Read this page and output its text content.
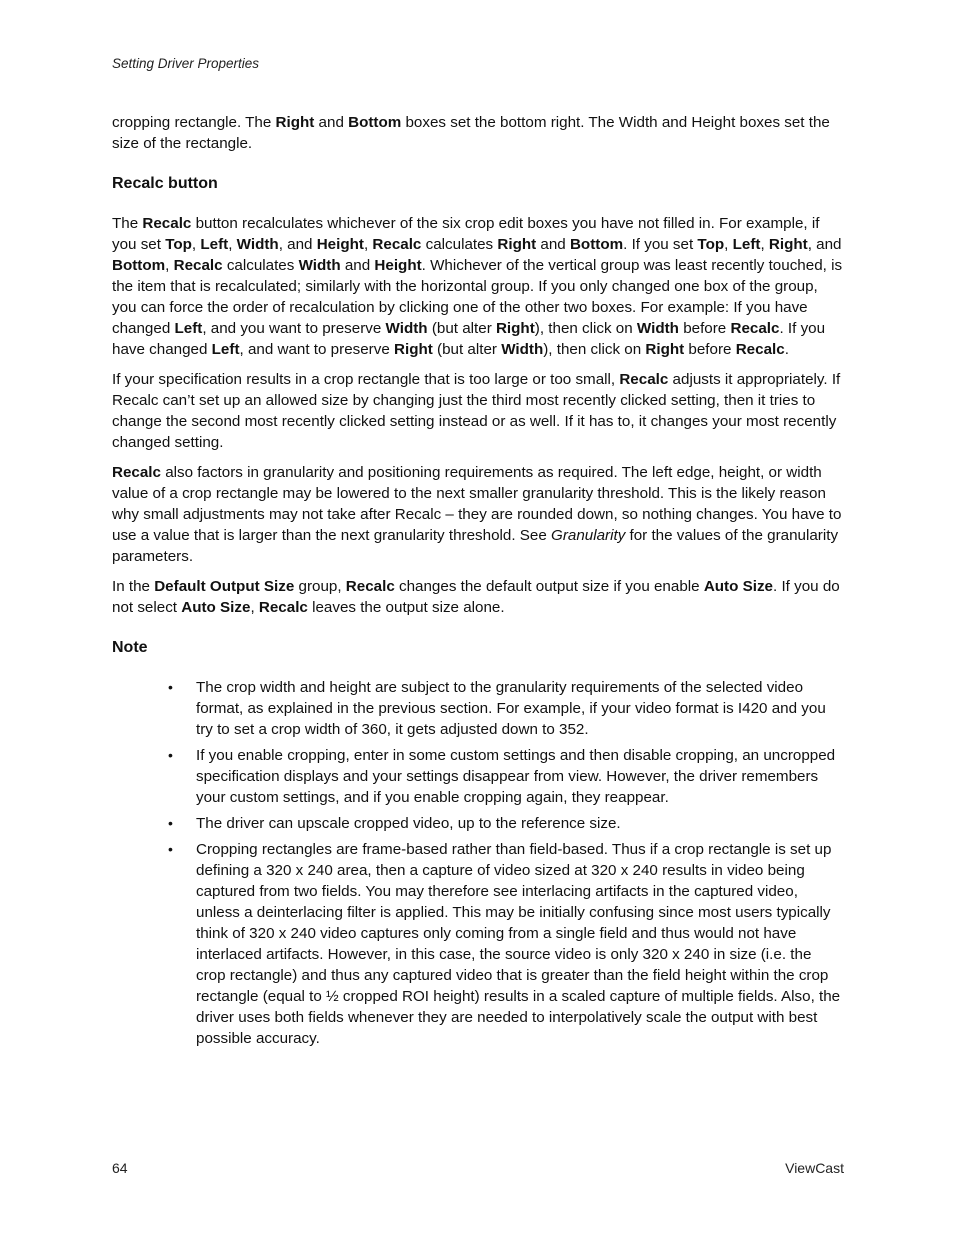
Setting Driver Properties

cropping rectangle. The Right and Bottom boxes set the bottom right. The Width and Height boxes set the size of the rectangle.

Recalc button

The Recalc button recalculates whichever of the six crop edit boxes you have not filled in. For example, if you set Top, Left, Width, and Height, Recalc calculates Right and Bottom. If you set Top, Left, Right, and Bottom, Recalc calculates Width and Height. Whichever of the vertical group was least recently touched, is the item that is recalculated; similarly with the horizontal group. If you only changed one box of the group, you can force the order of recalculation by clicking one of the other two boxes. For example: If you have changed Left, and you want to preserve Width (but alter Right), then click on Width before Recalc. If you have changed Left, and want to preserve Right (but alter Width), then click on Right before Recalc.

If your specification results in a crop rectangle that is too large or too small, Recalc adjusts it appropriately. If Recalc can’t set up an allowed size by changing just the third most recently clicked setting, then it tries to change the second most recently clicked setting instead or as well. If it has to, it changes your most recently changed setting.

Recalc also factors in granularity and positioning requirements as required. The left edge, height, or width value of a crop rectangle may be lowered to the next smaller granularity threshold. This is the likely reason why small adjustments may not take after Recalc – they are rounded down, so nothing changes. You have to use a value that is larger than the next granularity threshold. See Granularity for the values of the granularity parameters.

In the Default Output Size group, Recalc changes the default output size if you enable Auto Size. If you do not select Auto Size, Recalc leaves the output size alone.

Note
• The crop width and height are subject to the granularity requirements of the selected video format, as explained in the previous section. For example, if your video format is I420 and you try to set a crop width of 360, it gets adjusted down to 352.
• If you enable cropping, enter in some custom settings and then disable cropping, an uncropped specification displays and your settings disappear from view. However, the driver remembers your custom settings, and if you enable cropping again, they reappear.
• The driver can upscale cropped video, up to the reference size.
• Cropping rectangles are frame-based rather than field-based. Thus if a crop rectangle is set up defining a 320 x 240 area, then a capture of video sized at 320 x 240 results in video being captured from two fields. You may therefore see interlacing artifacts in the captured video, unless a deinterlacing filter is applied. This may be initially confusing since most users typically think of 320 x 240 video captures only coming from a single field and thus would not have interlaced artifacts. However, in this case, the source video is only 320 x 240 in size (i.e. the crop rectangle) and thus any captured video that is greater than the field height within the crop rectangle (equal to ½ cropped ROI height) results in a scaled capture of multiple fields. Also, the driver uses both fields whenever they are needed to interpolatively scale the output with best possible accuracy.
64	ViewCast
